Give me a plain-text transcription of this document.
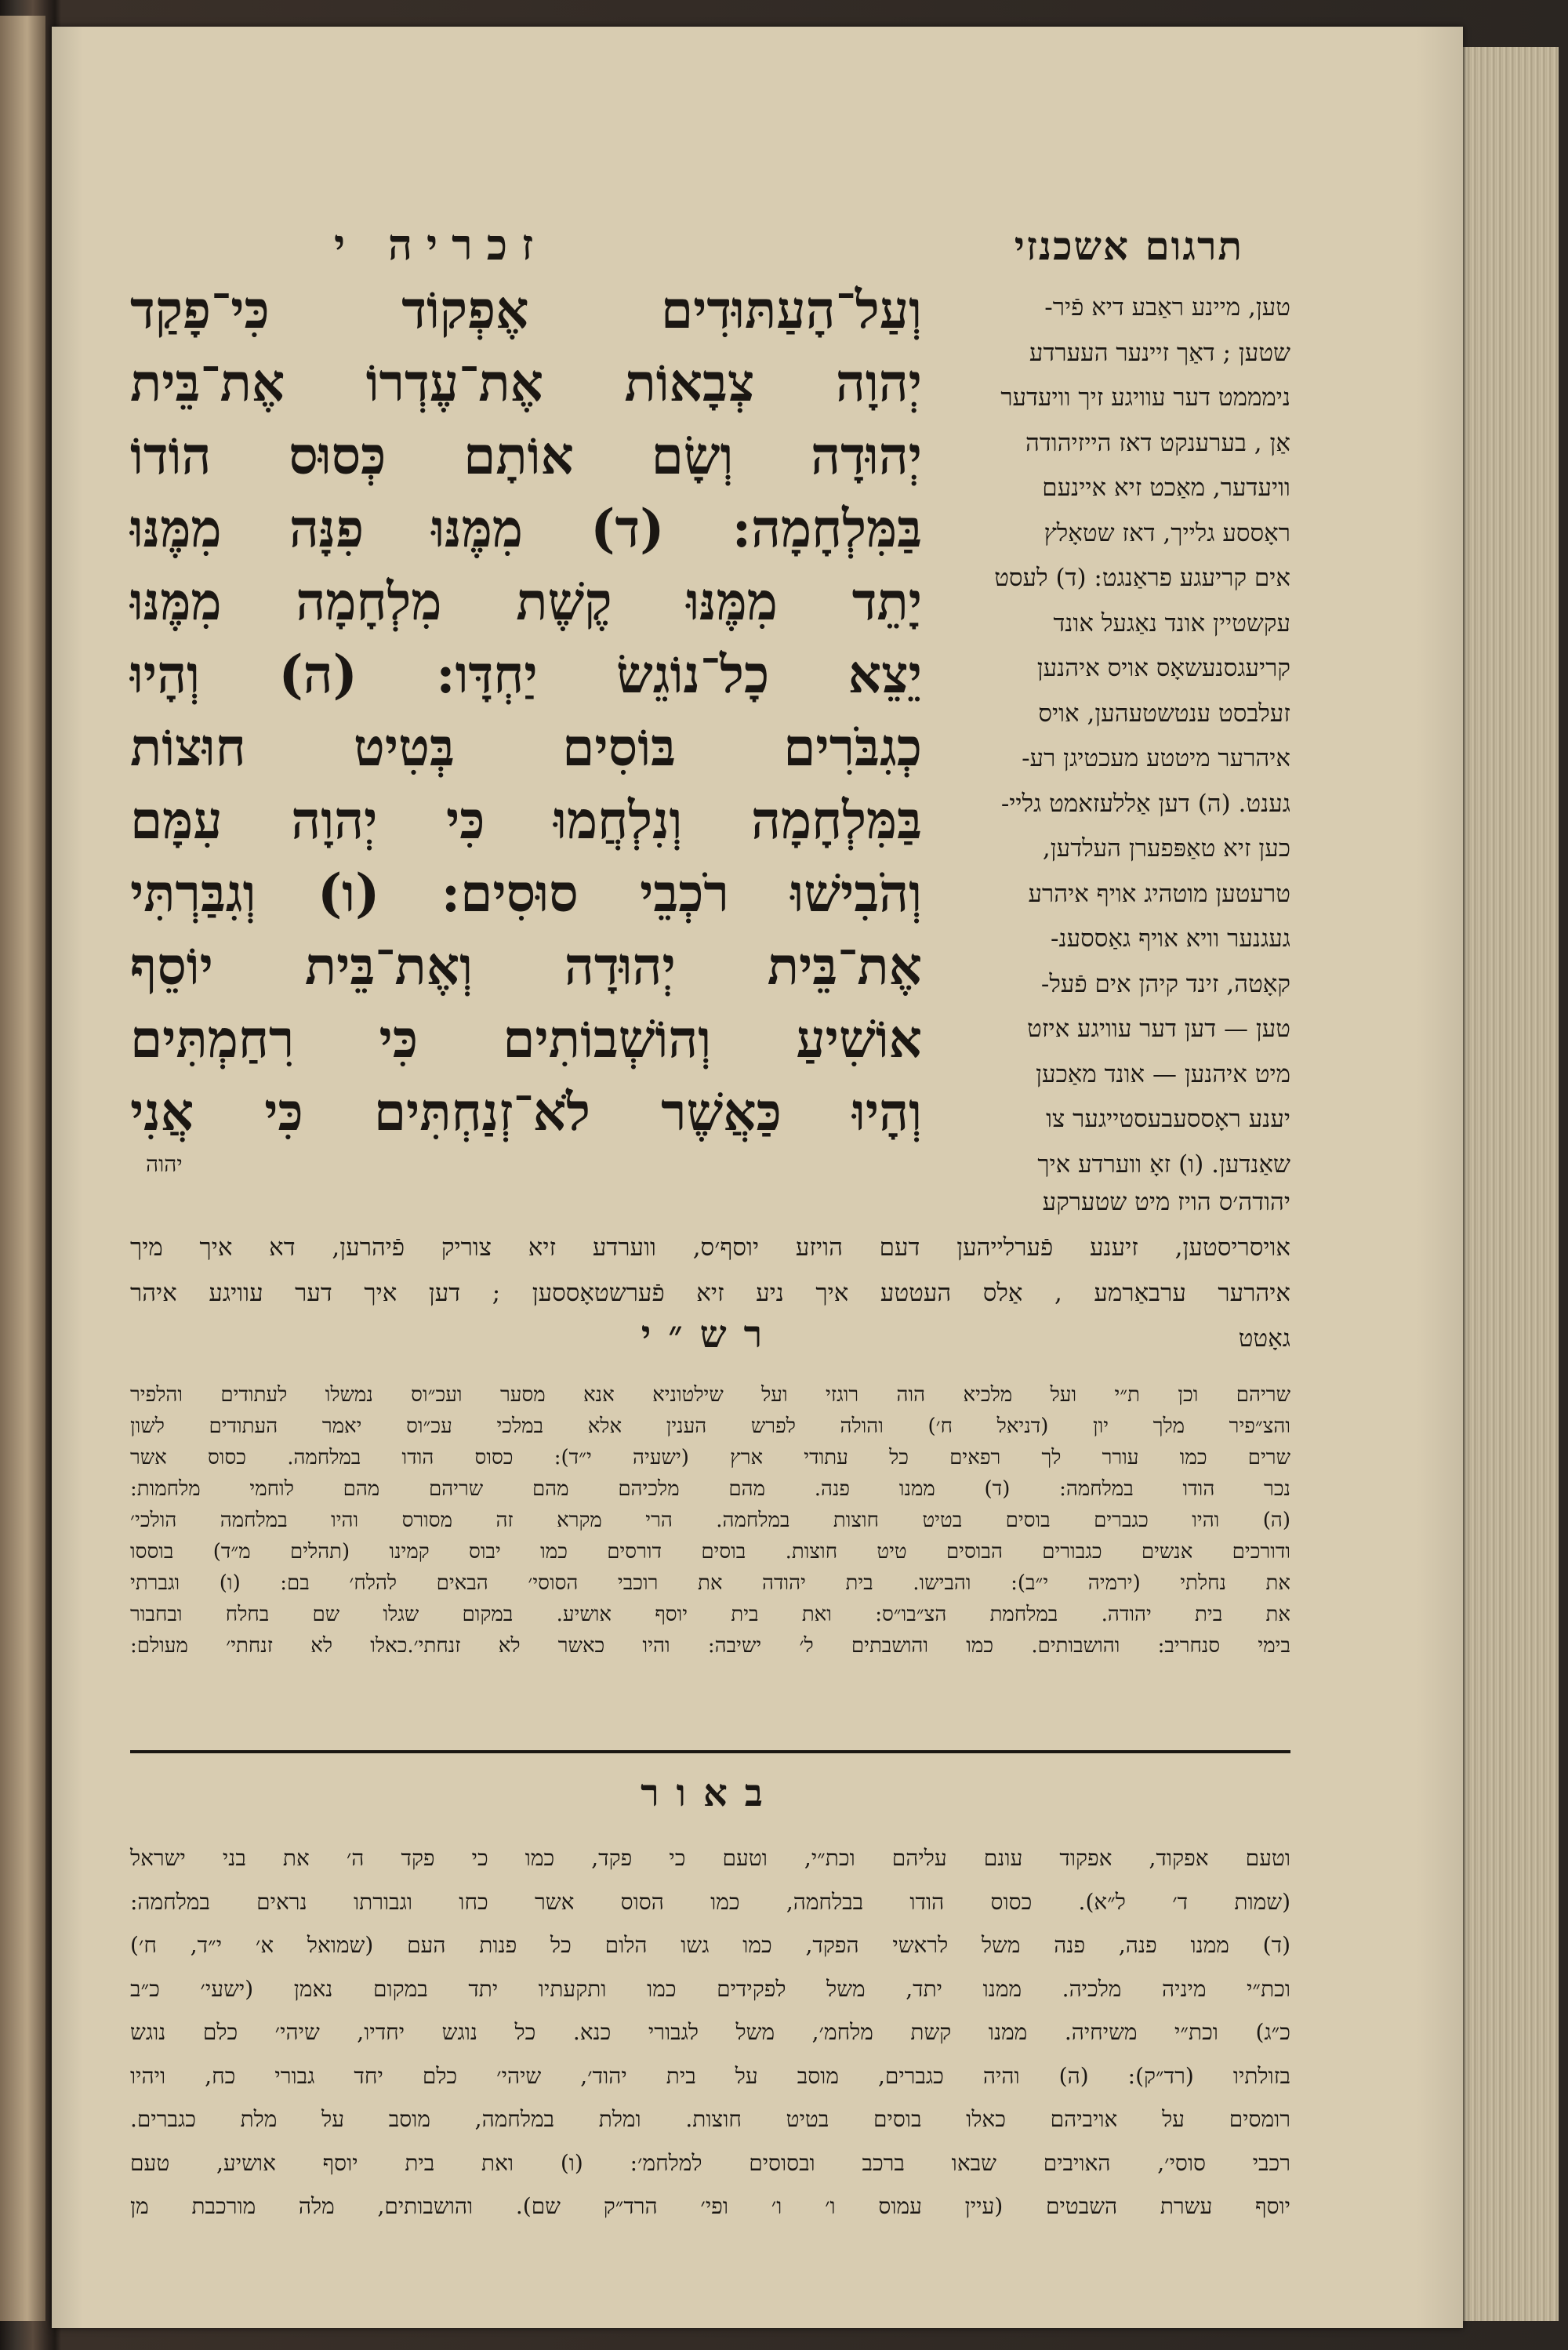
תרגום אשכנזי
זכריה י
טען, מיינע ראַבע דיא פֿיר-
שטען ; דאַך זיינער העערדע
נימממט דער עוויגע זיך וויעדער
אַן , בערענקט דאז הייזיהודה
וויעדער, מאַכט זיא איינעם
ראָססע גלייך, דאז שטאָלץ
אים קריעגע פראַנגט: (ד) לעסט
עקשטיין אונד נאַגעל אונד
קריעגסנעשאָס אויס איהנען
זעלבסט ענטשטעהען, אויס
איהרער מיטטע מעכטיגן רע-
גענט. (ה) דען אַללעזאמט גליי-
כען זיא טאַפּפערן העלדען,
טרעטען מוטהיג אויף איהרע
געגנער וויא אויף גאַססענ-
קאָטה, זינד קיהן אים פֿעל-
טען — דען דער עוויגע איזט
מיט איהנען — אונד מאַכען
יענע ראָססעבעסטייגער צו
שאַנדען. (ו) זאָ ווערדע איך
וְעַל־הָעַתּוּדִים אֶפְקוֹד כִּי־פָקַד
יְהוָה צְבָאוֹת אֶת־עֶדְרוֹ אֶת־בֵּית
יְהוּדָה וְשָׂם אוֹתָם כְּסוּס הוֹדוֹ
בַּמִּלְחָמָה: (ד) מִמֶּנּוּ פִנָּה מִמֶּנּוּ
יָתֵד מִמֶּנּוּ קֶשֶׁת מִלְחָמָה מִמֶּנּוּ
יֵצֵא כָל־נוֹגֵשׂ יַחְדָּו: (ה) וְהָיוּ
כְגִבֹּרִים בּוֹסִים בְּטִיט חוּצוֹת
בַּמִּלְחָמָה וְנִלְחֲמוּ כִּי יְהוָה עִמָּם
וְהֹבִישׁוּ רֹכְבֵי סוּסִים: (ו) וְגִבַּרְתִּי
אֶת־בֵּית יְהוּדָה וְאֶת־בֵּית יוֹסֵף
אוֹשִׁיעַ וְהוֹשְׁבוֹתִים כִּי רִחַמְתִּים
וְהָיוּ כַּאֲשֶׁר לֹא־זְנַחְתִּים כִּי אֲנִי
יהוה
יהודה׳ס הויז מיט שטערקע
אויסריסטען, זיענע פֿערלייהען דעם הויזע יוסף׳ס, ווערדע זיא צוריק פֿיהרען, דא איך מיך
איהרער ערבאַרמע , אַלס העטטע איך ניע זיא פֿערשטאָססען ; דען איך דער עוויגע איהר
גאָטט
רש״י
שריהם וכן ת״י ועל מלכיא הוה רוגזי ועל שילטוניא אנא מסער ועכ״וס נמשלו לעתודים והלפיר
והצ״פיר מלך יון (דניאל ח׳) והולה לפרש הענין אלא במלכי עכ״וס יאמר העתודים לשון
שרים כמו עורר לך רפאים כל עתודי ארץ (ישעיה י״ד): כסוס הודו במלחמה. כסוס אשר
נכר הודו במלחמה: (ד) ממנו פנה. מהם מלכיהם מהם שריהם מהם לוחמי מלחמות:
(ה) והיו כגברים בוסים בטיט חוצות במלחמה. הרי מקרא זה מסורס והיו במלחמה הולכי׳
ודורכים אנשים כגבורים הבוסים טיט חוצות. בוסים דורסים כמו יבוס קמינו (תהלים מ״ד) בוססו
את נחלתי (ירמיה י״ב): והבישו. בית יהודה את רוכבי הסוסי׳ הבאים להלח׳ בם: (ו) וגברתי
את בית יהודה. במלחמת הצ״בו״ס: ואת בית יוסף אושיע. במקום שגלו שם בחלח ובחבור
בימי סנחריב: והושבותים. כמו והושבתים ל׳ ישיבה: והיו כאשר לא זנחתי׳.כאלו לא זנחתי׳ מעולם:
באור
וטעם אפקוד, אפקוד עונם עליהם וכת״י, וטעם כי פקד, כמו כי פקד ה׳ את בני ישראל
(שמות ד׳ ל״א). כסוס הודו בבלחמה, כמו הסוס אשר כחו וגבורתו נראים במלחמה:
(ד) ממנו פנה, פנה משל לראשי הפקד, כמו גשו הלום כל פנות העם (שמואל א׳ י״ד, ח׳)
וכת״י מיניה מלכיה. ממנו יתד, משל לפקידים כמו ותקעתיו יתד במקום נאמן (ישעי׳ כ״ב
כ״ג) וכת״י משיחיה. ממנו קשת מלחמ׳, משל לגבורי כנא. כל נוגש יחדיו, שיהי׳ כלם נוגש
בזולתיו (רד״ק): (ה) והיה כגברים, מוסב על בית יהוד׳, שיהי׳ כלם יחד גבורי כח, ויהיו
רומסים על אויביהם כאלו בוסים בטיט חוצות. ומלת במלחמה, מוסב על מלת כגברים.
רכבי סוסי׳, האויבים שבאו ברכב ובסוסים למלחמ׳: (ו) ואת בית יוסף אושיע, טעם
יוסף עשרת השבטים (עיין עמוס ו׳ ו׳ ופי׳ הרד״ק שם). והושבותים, מלה מורכבת מן
